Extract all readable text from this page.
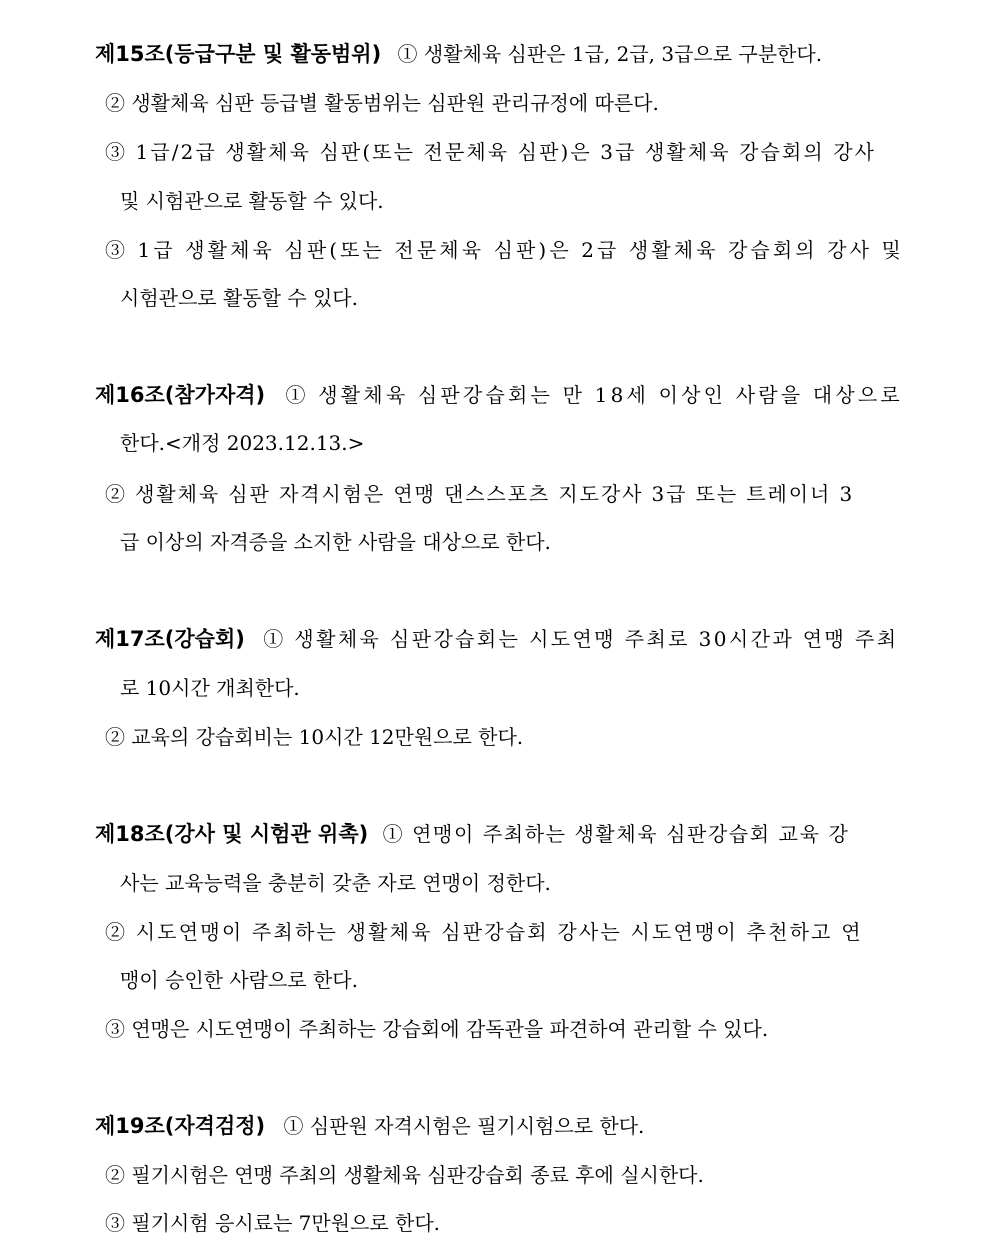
제15조(등급구분 및 활동범위) ① 생활체육 심판은 1급, 2급, 3급으로 구분한다.
② 생활체육 심판 등급별 활동범위는 심판원 관리규정에 따른다.
③ 1급/2급 생활체육 심판(또는 전문체육 심판)은 3급 생활체육 강습회의 강사
및 시험관으로 활동할 수 있다.
③ 1급 생활체육 심판(또는 전문체육 심판)은 2급 생활체육 강습회의 강사 및
시험관으로 활동할 수 있다.
제16조(참가자격) ① 생활체육 심판강습회는 만 18세 이상인 사람을 대상으로
한다.<개정 2023.12.13.>
② 생활체육 심판 자격시험은 연맹 댄스스포츠 지도강사 3급 또는 트레이너 3
급 이상의 자격증을 소지한 사람을 대상으로 한다.
제17조(강습회) ① 생활체육 심판강습회는 시도연맹 주최로 30시간과 연맹 주최
로 10시간 개최한다.
② 교육의 강습회비는 10시간 12만원으로 한다.
제18조(강사 및 시험관 위촉) ① 연맹이 주최하는 생활체육 심판강습회 교육 강
사는 교육능력을 충분히 갖춘 자로 연맹이 정한다.
② 시도연맹이 주최하는 생활체육 심판강습회 강사는 시도연맹이 추천하고 연
맹이 승인한 사람으로 한다.
③ 연맹은 시도연맹이 주최하는 강습회에 감독관을 파견하여 관리할 수 있다.
제19조(자격검정) ① 심판원 자격시험은 필기시험으로 한다.
② 필기시험은 연맹 주최의 생활체육 심판강습회 종료 후에 실시한다.
③ 필기시험 응시료는 7만원으로 한다.
